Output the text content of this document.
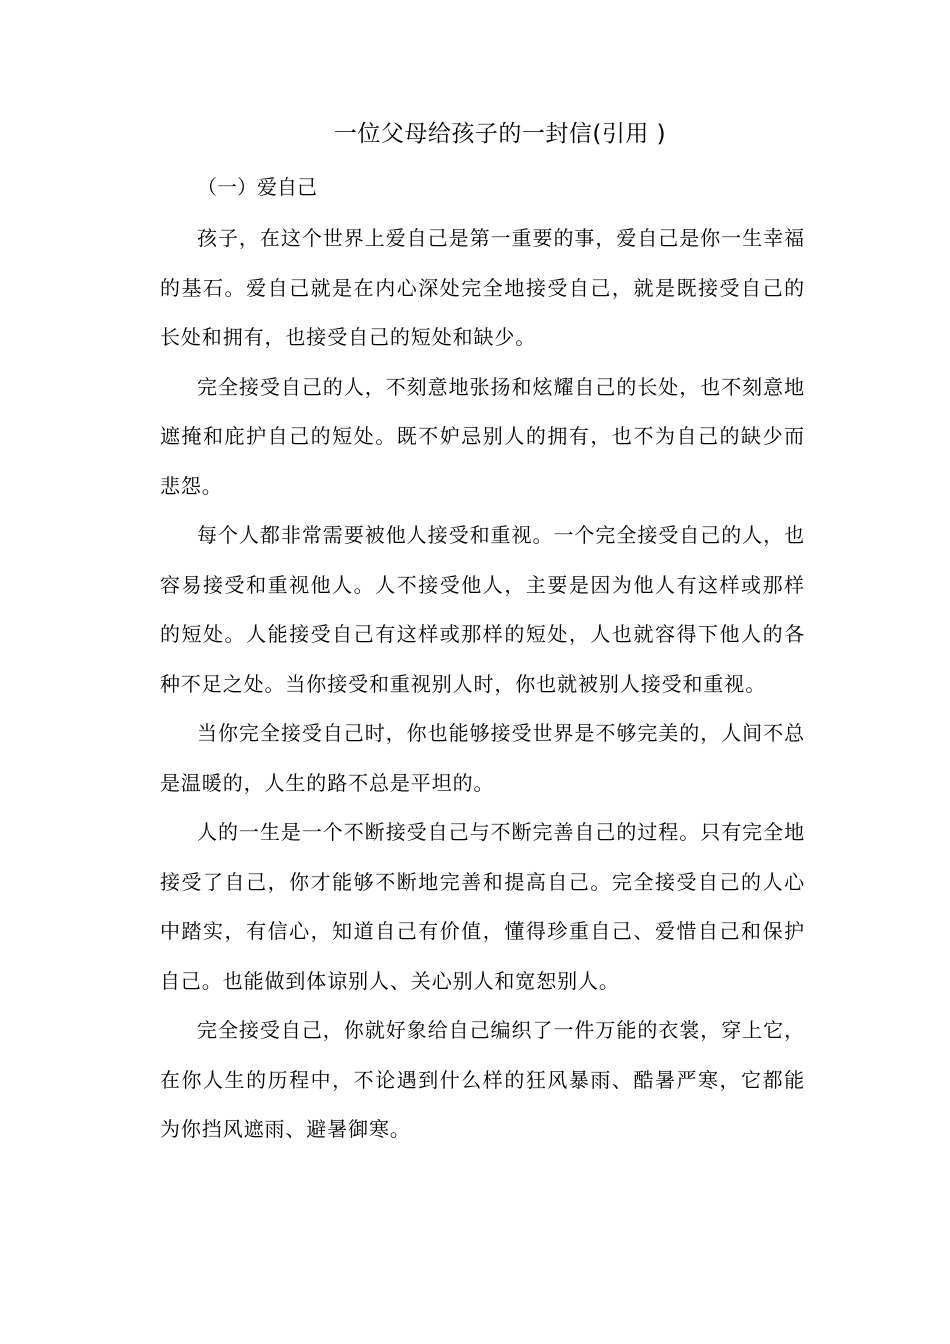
一位父母给孩子的一封信(引用 )
（一）爱自己

孩子，在这个世界上爱自己是第一重要的事，爱自己是你一生幸福的基石。爱自己就是在内心深处完全地接受自己，就是既接受自己的长处和拥有，也接受自己的短处和缺少。

完全接受自己的人，不刻意地张扬和炫耀自己的长处，也不刻意地遮掩和庇护自己的短处。既不妒忌别人的拥有，也不为自己的缺少而悲怨。

每个人都非常需要被他人接受和重视。一个完全接受自己的人，也容易接受和重视他人。人不接受他人，主要是因为他人有这样或那样的短处。人能接受自己有这样或那样的短处，人也就容得下他人的各种不足之处。当你接受和重视别人时，你也就被别人接受和重视。

当你完全接受自己时，你也能够接受世界是不够完美的，人间不总是温暖的，人生的路不总是平坦的。

人的一生是一个不断接受自己与不断完善自己的过程。只有完全地接受了自己，你才能够不断地完善和提高自己。完全接受自己的人心中踏实，有信心，知道自己有价值，懂得珍重自己、爱惜自己和保护自己。也能做到体谅别人、关心别人和宽恕别人。

完全接受自己，你就好象给自己编织了一件万能的衣裳，穿上它，在你人生的历程中，不论遇到什么样的狂风暴雨、酷暑严寒，它都能为你挡风遮雨、避暑御寒。
